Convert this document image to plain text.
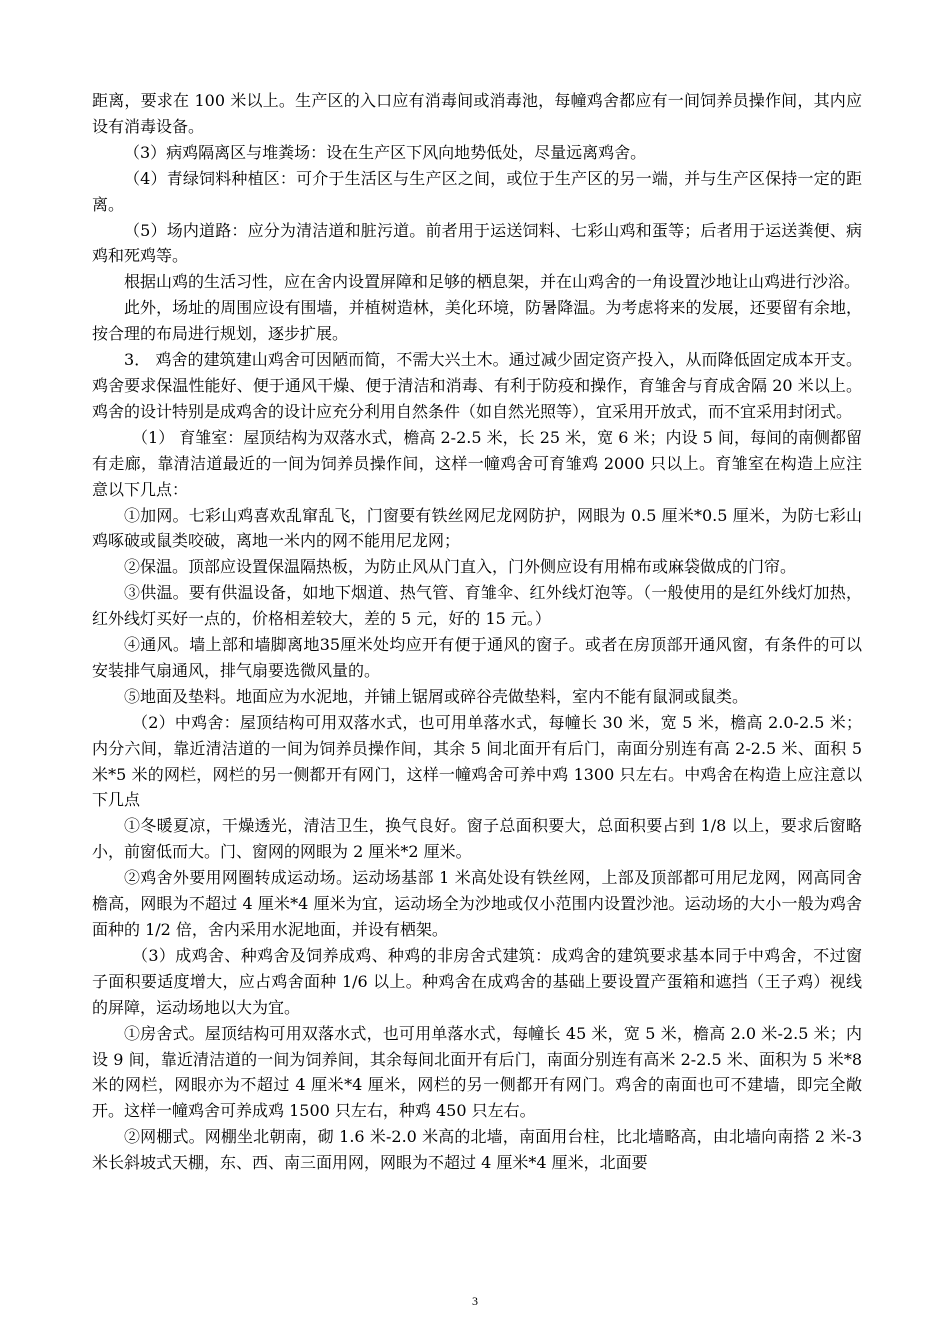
距离，要求在 100 米以上。生产区的入口应有消毒间或消毒池，每幢鸡舍都应有一间饲养员操作间，其内应设有消毒设备。

（3）病鸡隔离区与堆粪场：设在生产区下风向地势低处，尽量远离鸡舍。

（4）青绿饲料种植区：可介于生活区与生产区之间，或位于生产区的另一端，并与生产区保持一定的距离。

（5）场内道路：应分为清洁道和脏污道。前者用于运送饲料、七彩山鸡和蛋等；后者用于运送粪便、病鸡和死鸡等。

根据山鸡的生活习性，应在舍内设置屏障和足够的栖息架，并在山鸡舍的一角设置沙地让山鸡进行沙浴。

此外，场址的周围应设有围墙，并植树造林，美化环境，防暑降温。为考虑将来的发展，还要留有余地，按合理的布局进行规划，逐步扩展。

3． 鸡舍的建筑建山鸡舍可因陋而简，不需大兴土木。通过减少固定资产投入，从而降低固定成本开支。鸡舍要求保温性能好、便于通风干燥、便于清洁和消毒、有利于防疫和操作，育雏舍与育成舍隔 20 米以上。鸡舍的设计特别是成鸡舍的设计应充分利用自然条件（如自然光照等），宜采用开放式，而不宜采用封闭式。

（1） 育雏室：屋顶结构为双落水式，檐高 2-2.5 米，长 25 米，宽 6 米；内设 5 间，每间的南侧都留有走廊，靠清洁道最近的一间为饲养员操作间，这样一幢鸡舍可育雏鸡 2000 只以上。育雏室在构造上应注意以下几点：

①加网。七彩山鸡喜欢乱窜乱飞，门窗要有铁丝网尼龙网防护，网眼为 0.5 厘米*0.5 厘米，为防七彩山鸡啄破或鼠类咬破，离地一米内的网不能用尼龙网；

②保温。顶部应设置保温隔热板，为防止风从门直入，门外侧应设有用棉布或麻袋做成的门帘。

③供温。要有供温设备，如地下烟道、热气管、育雏伞、红外线灯泡等。（一般使用的是红外线灯加热，红外线灯买好一点的，价格相差较大，差的 5 元，好的 15 元。）

④通风。墙上部和墙脚离地35厘米处均应开有便于通风的窗子。或者在房顶部开通风窗，有条件的可以安装排气扇通风，排气扇要选微风量的。

⑤地面及垫料。地面应为水泥地，并铺上锯屑或碎谷壳做垫料，室内不能有鼠洞或鼠类。

（2）中鸡舍：屋顶结构可用双落水式，也可用单落水式，每幢长 30 米，宽 5 米，檐高 2.0-2.5 米；内分六间，靠近清洁道的一间为饲养员操作间，其余 5 间北面开有后门，南面分别连有高 2-2.5 米、面积 5 米*5 米的网栏，网栏的另一侧都开有网门，这样一幢鸡舍可养中鸡 1300 只左右。中鸡舍在构造上应注意以下几点

①冬暖夏凉，干燥透光，清洁卫生，换气良好。窗子总面积要大，总面积要占到 1/8 以上，要求后窗略小，前窗低而大。门、窗网的网眼为 2 厘米*2 厘米。

②鸡舍外要用网圈转成运动场。运动场基部 1 米高处设有铁丝网，上部及顶部都可用尼龙网，网高同舍檐高，网眼为不超过 4 厘米*4 厘米为宜，运动场全为沙地或仅小范围内设置沙池。运动场的大小一般为鸡舍面种的 1/2 倍，舍内采用水泥地面，并设有栖架。

（3）成鸡舍、种鸡舍及饲养成鸡、种鸡的非房舍式建筑：成鸡舍的建筑要求基本同于中鸡舍，不过窗子面积要适度增大，应占鸡舍面种 1/6 以上。种鸡舍在成鸡舍的基础上要设置产蛋箱和遮挡（王子鸡）视线的屏障，运动场地以大为宜。

①房舍式。屋顶结构可用双落水式，也可用单落水式，每幢长 45 米，宽 5 米，檐高 2.0 米-2.5 米；内设 9 间，靠近清洁道的一间为饲养间，其余每间北面开有后门，南面分别连有高米 2-2.5 米、面积为 5 米*8 米的网栏，网眼亦为不超过 4 厘米*4 厘米，网栏的另一侧都开有网门。鸡舍的南面也可不建墙，即完全敞开。这样一幢鸡舍可养成鸡 1500 只左右，种鸡 450 只左右。

②网棚式。网棚坐北朝南，砌 1.6 米-2.0 米高的北墙，南面用台柱，比北墙略高，由北墙向南搭 2 米-3 米长斜坡式天棚，东、西、南三面用网，网眼为不超过 4 厘米*4 厘米，北面要

3
